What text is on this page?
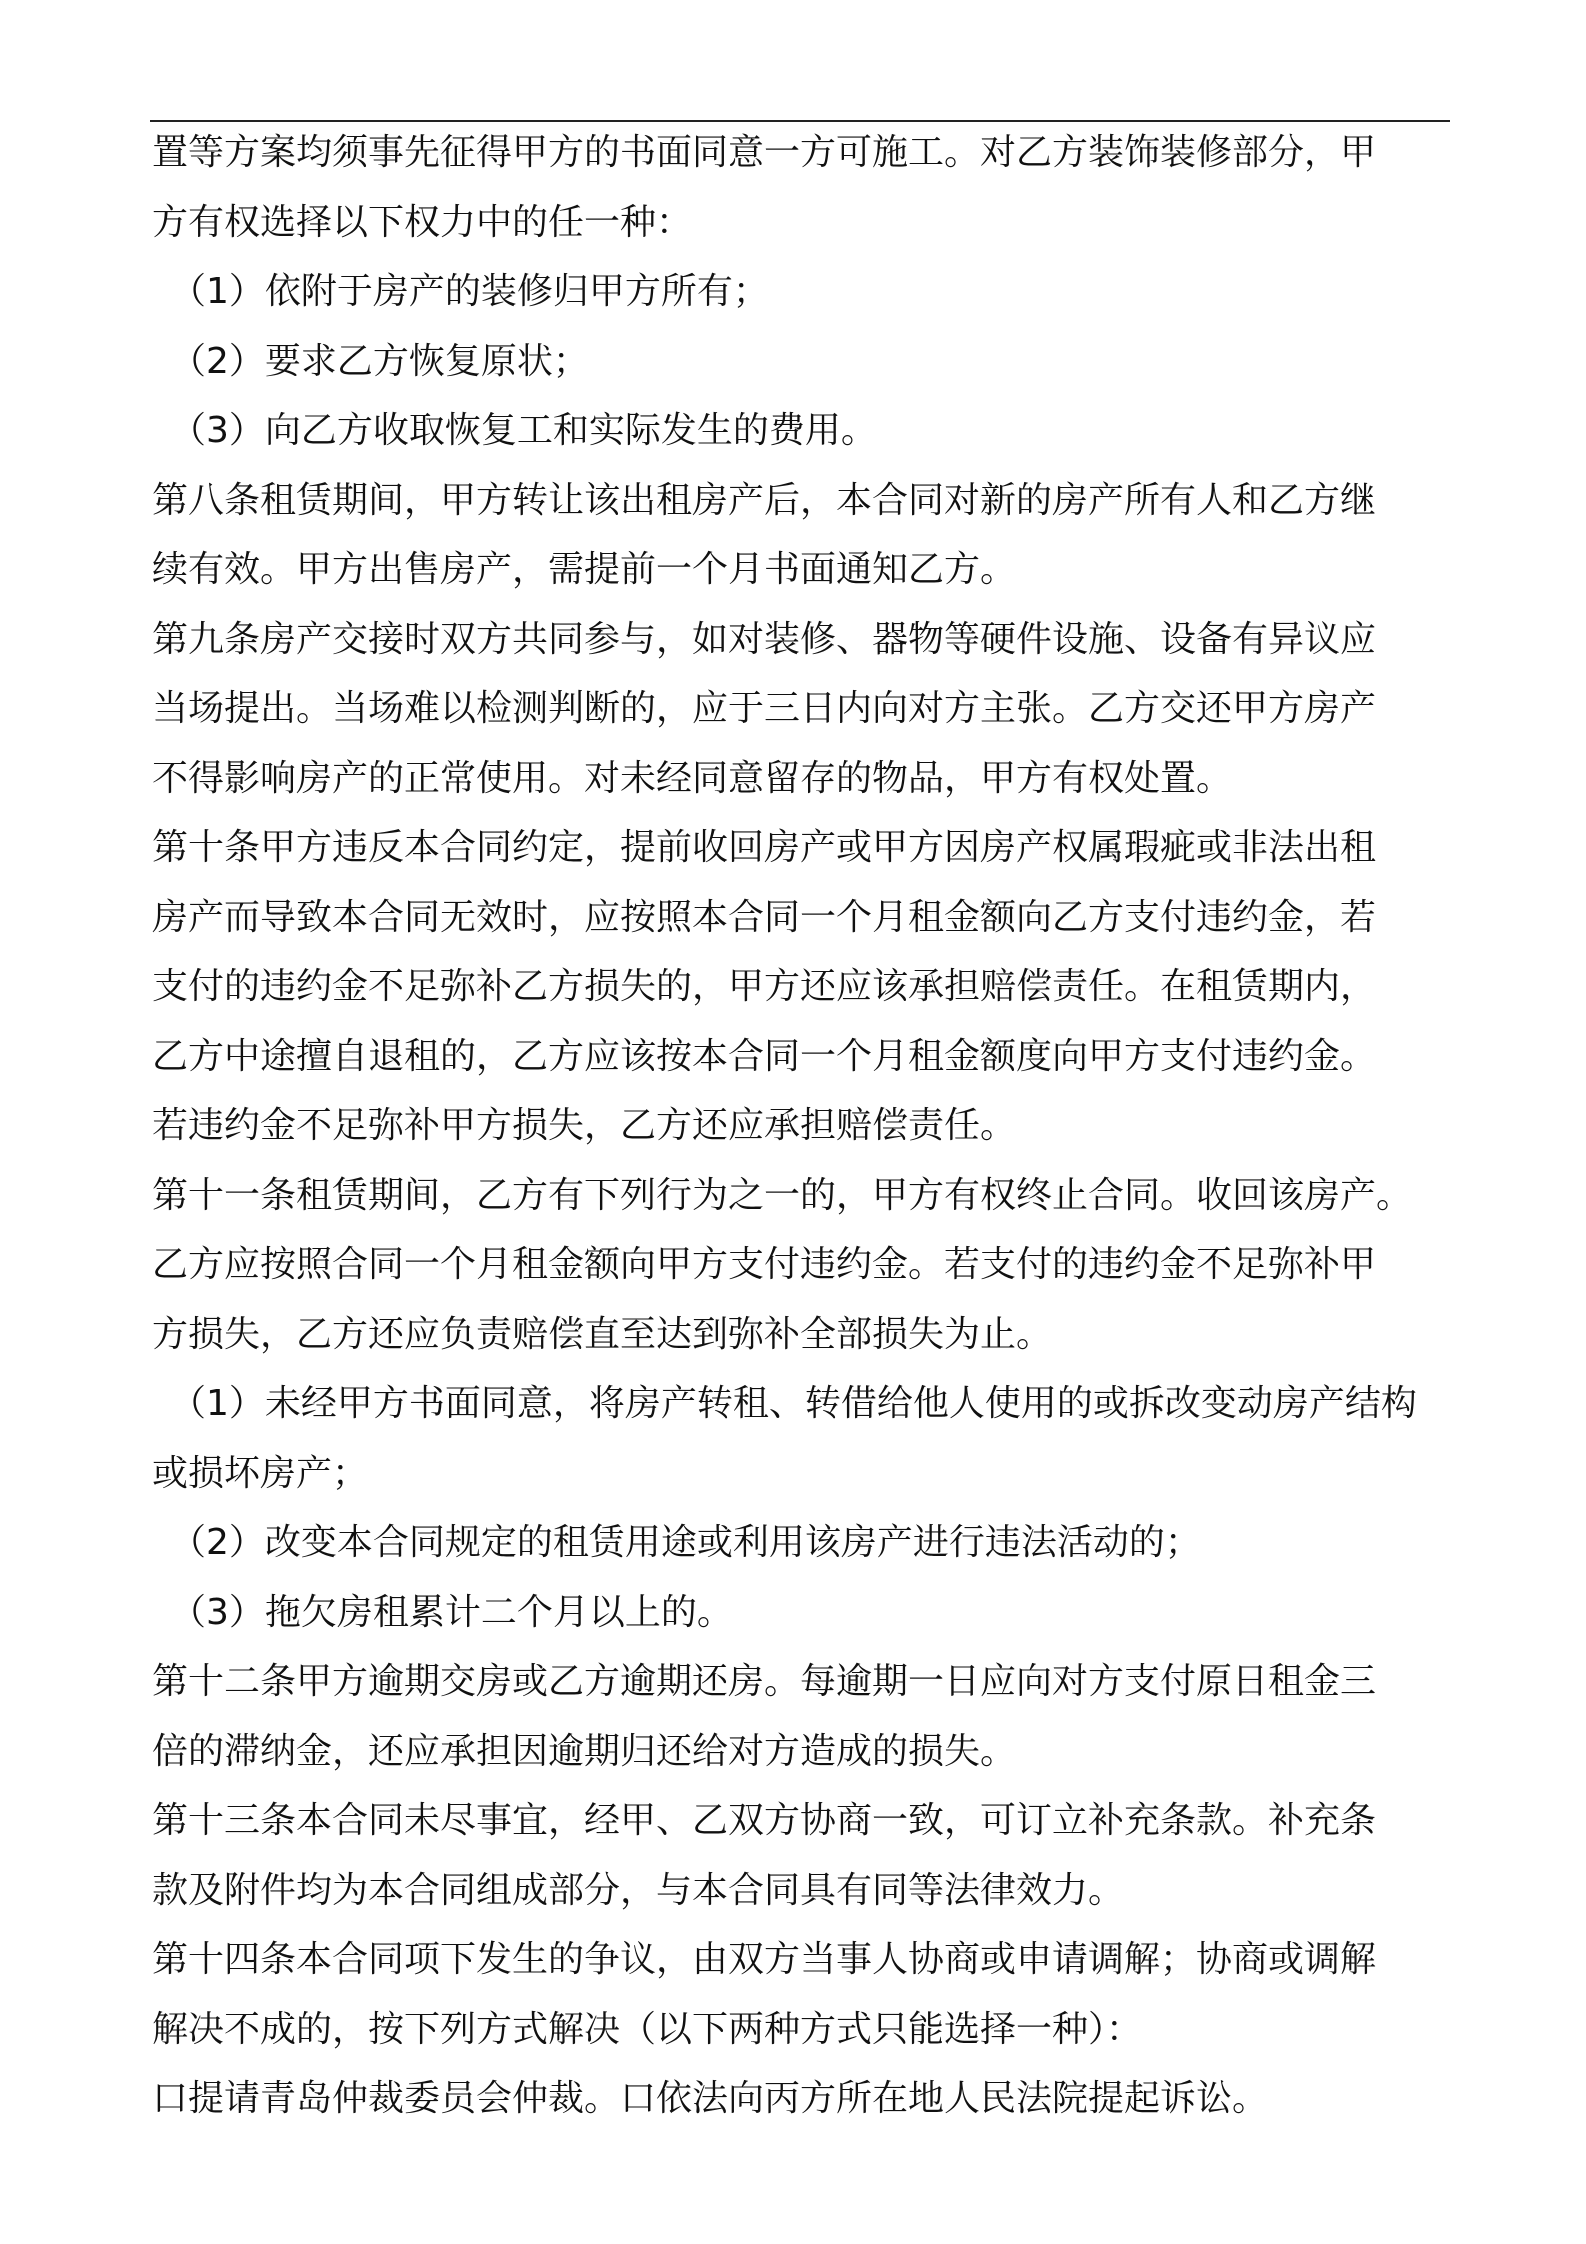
置等方案均须事先征得甲方的书面同意一方可施工。对乙方装饰装修部分，甲
方有权选择以下权力中的任一种：
（1）依附于房产的装修归甲方所有；
（2）要求乙方恢复原状；
（3）向乙方收取恢复工和实际发生的费用。
第八条租赁期间，甲方转让该出租房产后，本合同对新的房产所有人和乙方继
续有效。甲方出售房产，需提前一个月书面通知乙方。
第九条房产交接时双方共同参与，如对装修、器物等硬件设施、设备有异议应
当场提出。当场难以检测判断的，应于三日内向对方主张。乙方交还甲方房产
不得影响房产的正常使用。对未经同意留存的物品，甲方有权处置。
第十条甲方违反本合同约定，提前收回房产或甲方因房产权属瑕疵或非法出租
房产而导致本合同无效时，应按照本合同一个月租金额向乙方支付违约金，若
支付的违约金不足弥补乙方损失的，甲方还应该承担赔偿责任。在租赁期内，
乙方中途擅自退租的，乙方应该按本合同一个月租金额度向甲方支付违约金。
若违约金不足弥补甲方损失，乙方还应承担赔偿责任。
第十一条租赁期间，乙方有下列行为之一的，甲方有权终止合同。收回该房产。
乙方应按照合同一个月租金额向甲方支付违约金。若支付的违约金不足弥补甲
方损失，乙方还应负责赔偿直至达到弥补全部损失为止。
（1）未经甲方书面同意，将房产转租、转借给他人使用的或拆改变动房产结构
或损坏房产；
（2）改变本合同规定的租赁用途或利用该房产进行违法活动的；
（3）拖欠房租累计二个月以上的。
第十二条甲方逾期交房或乙方逾期还房。每逾期一日应向对方支付原日租金三
倍的滞纳金，还应承担因逾期归还给对方造成的损失。
第十三条本合同未尽事宜，经甲、乙双方协商一致，可订立补充条款。补充条
款及附件均为本合同组成部分，与本合同具有同等法律效力。
第十四条本合同项下发生的争议，由双方当事人协商或申请调解；协商或调解
解决不成的，按下列方式解决（以下两种方式只能选择一种）：
口提请青岛仲裁委员会仲裁。口依法向丙方所在地人民法院提起诉讼。
